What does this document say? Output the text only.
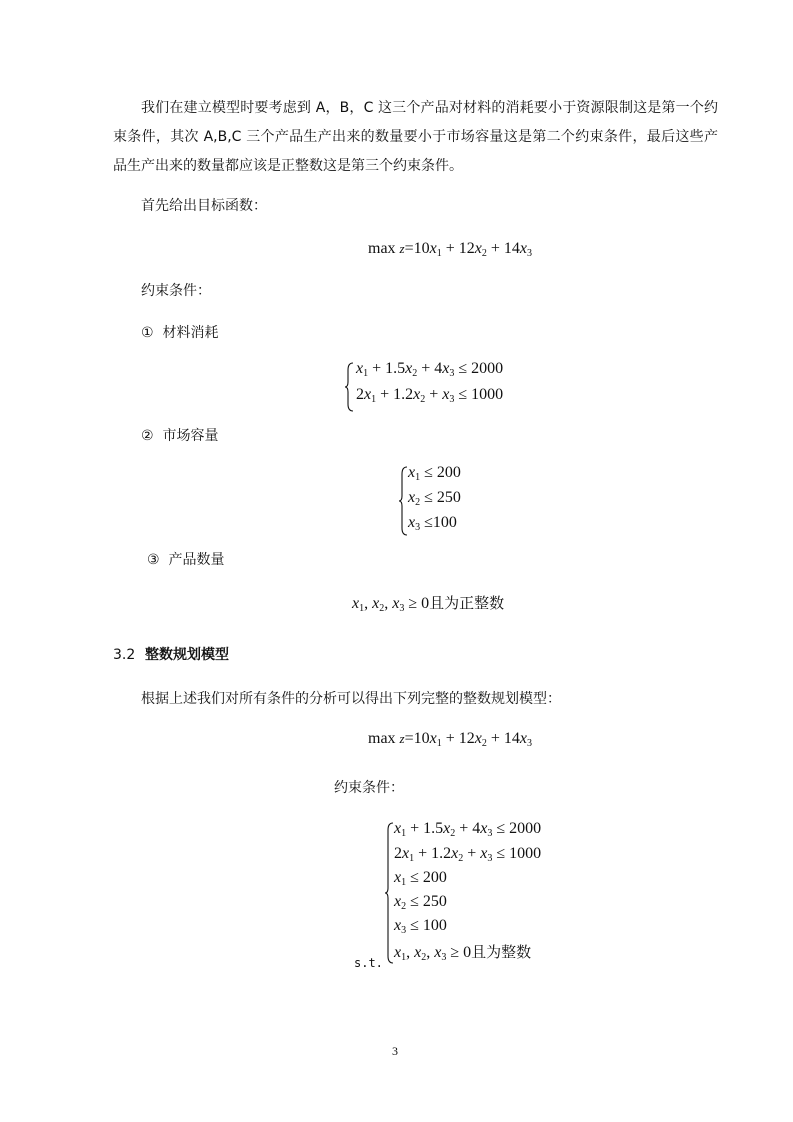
我们在建立模型时要考虑到 A，B，C 这三个产品对材料的消耗要小于资源限制这是第一个约束条件，其次 A,B,C 三个产品生产出来的数量要小于市场容量这是第二个约束条件，最后这些产品生产出来的数量都应该是正整数这是第三个约束条件。
首先给出目标函数：
$\max z=10x_1 + 12x_2 + 14x_3$
约束条件：
① 材料消耗
$x_1 + 1.5x_2 + 4x_3 \le 2000$
$2x_1 + 1.2x_2 + x_3 \le 1000$
② 市场容量
$x_1 \le 200$
$x_2 \le 250$
$x_3 \le 100$
③ 产品数量
$x_1$, $x_2$, $x_3 \ge 0$且为正整数
3.2 整数规划模型
根据上述我们对所有条件的分析可以得出下列完整的整数规划模型：
$\max z=10x_1 + 12x_2 + 14x_3$
约束条件：
$x_1 + 1.5x_2 + 4x_3 \le 2000$
$2x_1 + 1.2x_2 + x_3 \le 1000$
$x_1 \le 200$
$x_2 \le 250$
$x_3 \le 100$
$x_1$, $x_2$, $x_3 \ge 0$且为整数
s.t.
3
